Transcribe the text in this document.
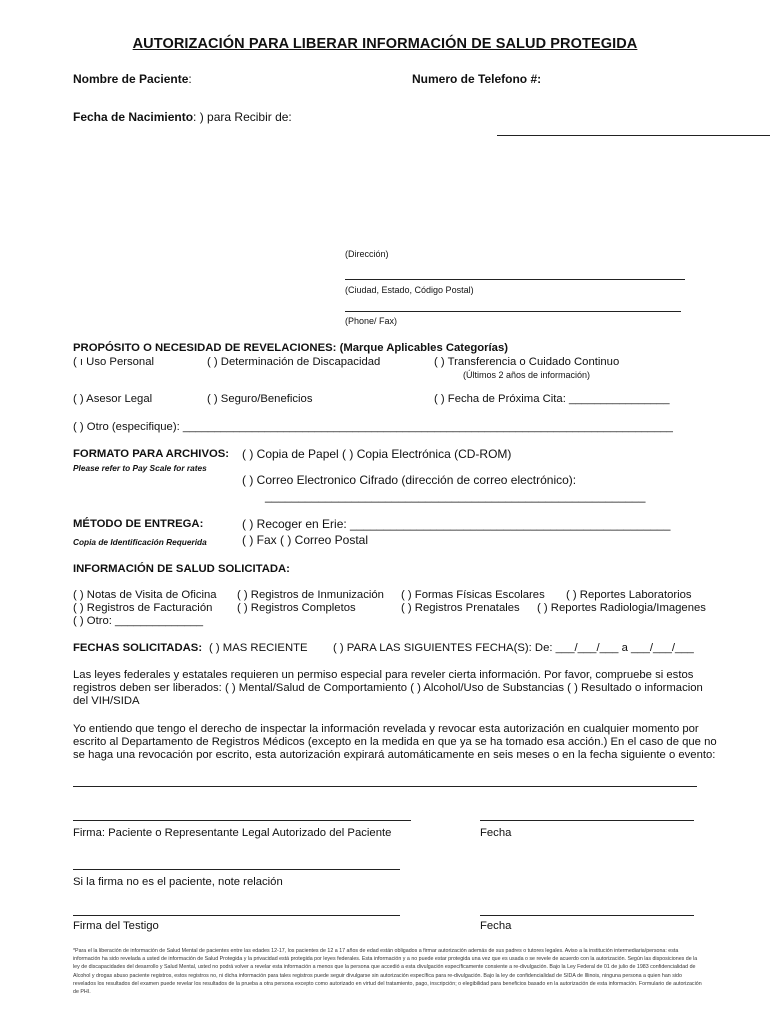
AUTORIZACIÓN PARA LIBERAR INFORMACIÓN DE SALUD PROTEGIDA
Nombre de Paciente:	Numero de Telefono #:
Fecha de Nacimiento: ) para Recibir de:
(Dirección)
(Ciudad, Estado, Código Postal)
(Phone/ Fax)
PROPÓSITO O NECESIDAD DE REVELACIONES: (Marque Aplicables Categorías)
( ı Uso Personal	( ) Determinación de Discapacidad	( ) Transferencia o Cuidado Continuo
(Últimos 2 años de información)
( ) Asesor Legal	( ) Seguro/Beneficios	( ) Fecha de Próxima Cita: ________________
( ) Otro (especifique): ______________________________________________________________________________
FORMATO PARA ARCHIVOS: ( ) Copia de Papel ( ) Copia Electrónica (CD-ROM)
Please refer to Pay Scale for rates
( ) Correo Electronico Cifrado (dirección de correo electrónico):
_________________________________________________________
MÉTODO DE ENTREGA:	( ) Recoger en Erie: ________________________________________________
Copia de Identificación Requerida	( ) Fax ( ) Correo Postal
INFORMACIÓN DE SALUD SOLICITADA:
( ) Notas de Visita de Oficina ( ) Registros de Inmunización ( ) Formas Físicas Escolares ( ) Reportes Laboratorios
( ) Registros de Facturación ( ) Registros Completos	( ) Registros Prenatales ( ) Reportes Radiologia/Imagenes
( ) Otro: ______________
FECHAS SOLICITADAS: ( ) MAS RECIENTE ( ) PARA LAS SIGUIENTES FECHA(S): De: ___/___/___ a ___/___/___
Las leyes federales y estatales requieren un permiso especial para reveler cierta información. Por favor, compruebe si estos registros deben ser liberados: ( ) Mental/Salud de Comportamiento ( ) Alcohol/Uso de Substancias ( ) Resultado o informacion del VIH/SIDA
Yo entiendo que tengo el derecho de inspectar la información revelada y revocar esta autorización en cualquier momento por escrito al Departamento de Registros Médicos (excepto en la medida en que ya se ha tomado esa acción.) En el caso de que no se haga una revocación por escrito, esta autorización expirará automáticamente en seis meses o en la fecha siguiente o evento:
Firma: Paciente o Representante Legal Autorizado del Paciente	Fecha
Si la firma no es el paciente, note relación
Firma del Testigo	Fecha
*Para el la liberación de información de Salud Mental de pacientes entre las edades 12-17, los pacientes de 12 a 17 años de edad están obligados a firmar autorización además de sus padres o tutores legales. Aviso a la institución intermediaria/persona: esta información ha sido revelada a usted de información de Salud Protegida y la privacidad está protegida por leyes federales. Esta información y a no puede estar protegida una vez que es usada o se revele de acuerdo con la autorización. Según las disposiciones de la ley de discapacidades del desarrollo y Salud Mental, usted no podrá volver a revelar esta información a menos que la persona que accedió a esta divulgación específicamente consiente a re-divulgación. Bajo la Ley Federal de 01 de julio de 1983 confidencialidad de Alcohol y drogas abuso paciente registros, estos registros no, ni dicha información para tales registros puede seguir divulgarse sin autorización específica para re-divulgación. Bajo la ley de confidencialidad de SIDA de Illinois, ninguna persona a quien han sido revelados los resultados del examen puede revelar los resultados de la prueba a otra persona excepto como autorizado en virtud del tratamiento, pago, inscripción; o elegibilidad para beneficios basado en la autorización de esta información. Formulario de autorización de PHI.
